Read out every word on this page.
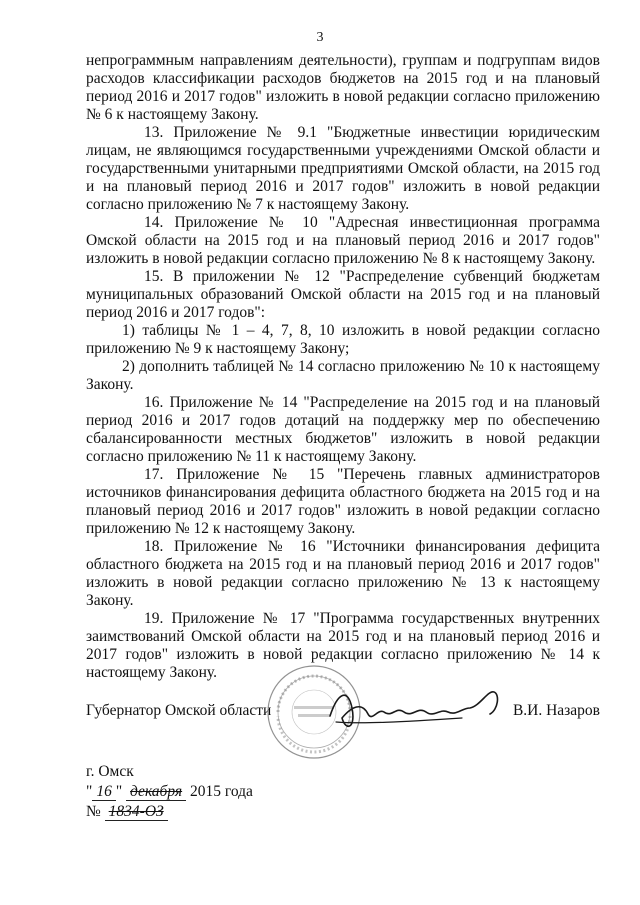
3

непрограммным направлениям деятельности), группам и подгруппам видов расходов классификации расходов бюджетов на 2015 год и на плановый период 2016 и 2017 годов" изложить в новой редакции согласно приложению № 6 к настоящему Закону.

13. Приложение № 9.1 "Бюджетные инвестиции юридическим лицам, не являющимся государственными учреждениями Омской области и государственными унитарными предприятиями Омской области, на 2015 год и на плановый период 2016 и 2017 годов" изложить в новой редакции согласно приложению № 7 к настоящему Закону.

14. Приложение № 10 "Адресная инвестиционная программа Омской области на 2015 год и на плановый период 2016 и 2017 годов" изложить в новой редакции согласно приложению № 8 к настоящему Закону.

15. В приложении № 12 "Распределение субвенций бюджетам муниципальных образований Омской области на 2015 год и на плановый период 2016 и 2017 годов":

1) таблицы № 1 – 4, 7, 8, 10 изложить в новой редакции согласно приложению № 9 к настоящему Закону;

2) дополнить таблицей № 14 согласно приложению № 10 к настоящему Закону.

16. Приложение № 14 "Распределение на 2015 год и на плановый период 2016 и 2017 годов дотаций на поддержку мер по обеспечению сбалансированности местных бюджетов" изложить в новой редакции согласно приложению № 11 к настоящему Закону.

17. Приложение № 15 "Перечень главных администраторов источников финансирования дефицита областного бюджета на 2015 год и на плановый период 2016 и 2017 годов" изложить в новой редакции согласно приложению № 12 к настоящему Закону.

18. Приложение № 16 "Источники финансирования дефицита областного бюджета на 2015 год и на плановый период 2016 и 2017 годов" изложить в новой редакции согласно приложению № 13 к настоящему Закону.

19. Приложение № 17 "Программа государственных внутренних заимствований Омской области на 2015 год и на плановый период 2016 и 2017 годов" изложить в новой редакции согласно приложению № 14 к настоящему Закону.

Губернатор Омской области	В.И. Назаров
г. Омск
" 16 " декабря 2015 года
№ 1834-ОЗ
